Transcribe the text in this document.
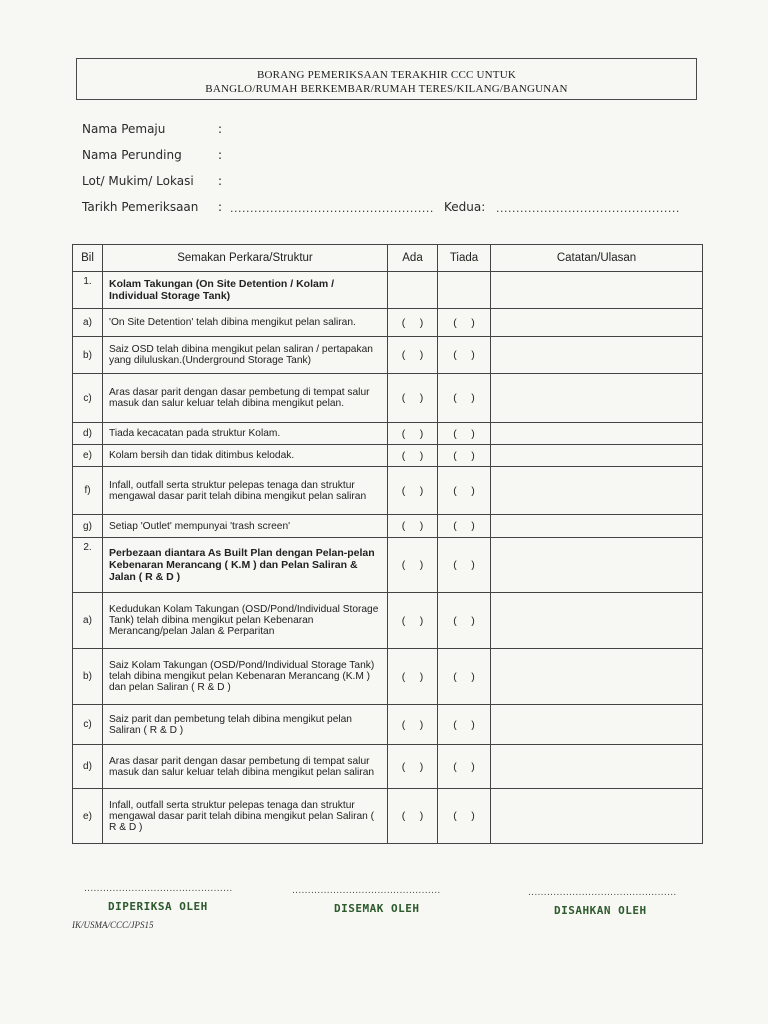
BORANG PEMERIKSAAN TERAKHIR CCC UNTUK
BANGLO/RUMAH BERKEMBAR/RUMAH TERES/KILANG/BANGUNAN
Nama Pemaju	:
Nama Perunding	:
Lot/ Mukim/ Lokasi :
Tarikh Pemeriksaan : ................................................... Kedua: ..............................................
Bil	Semakan Perkara/Struktur	Ada	Tiada	Catatan/Ulasan
1.	Kolam Takungan (On Site Detention / Kolam / Individual Storage Tank)			
a)	'On Site Detention' telah dibina mengikut pelan saliran.	(     )	(     )	
b)	Saiz OSD telah dibina mengikut pelan saliran / pertapakan yang diluluskan.(Underground Storage Tank)	(     )	(     )	
c)	Aras dasar parit dengan dasar pembetung di tempat salur masuk dan salur keluar telah dibina mengikut pelan.	(     )	(     )	
d)	Tiada kecacatan pada struktur Kolam.	(     )	(     )	
e)	Kolam bersih dan tidak ditimbus kelodak.	(     )	(     )	
f)	Infall, outfall serta struktur pelepas tenaga dan struktur mengawal dasar parit telah dibina mengikut pelan saliran	(     )	(     )	
g)	Setiap 'Outlet' mempunyai 'trash screen'	(     )	(     )	
2.	Perbezaan diantara As Built Plan dengan Pelan-pelan Kebenaran Merancang ( K.M ) dan Pelan Saliran & Jalan ( R & D )	(     )	(     )	
a)	Kedudukan Kolam Takungan (OSD/Pond/Individual Storage Tank) telah dibina mengikut pelan Kebenaran Merancang/pelan Jalan & Perparitan	(     )	(     )	
b)	Saiz Kolam Takungan (OSD/Pond/Individual Storage Tank) telah dibina mengikut pelan Kebenaran Merancang (K.M ) dan pelan Saliran ( R & D )	(     )	(     )	
c)	Saiz parit dan pembetung telah dibina mengikut pelan Saliran ( R & D )	(     )	(     )	
d)	Aras dasar parit dengan dasar pembetung di tempat salur masuk dan salur keluar telah dibina mengikut pelan saliran	(     )	(     )	
e)	Infall, outfall serta struktur pelepas tenaga dan struktur mengawal dasar parit telah dibina mengikut pelan Saliran ( R & D )	(     )	(     )	
...............................................
DIPERIKSA OLEH
...............................................
DISEMAK OLEH
...............................................
DISAHKAN OLEH
IK/USMA/CCC/JPS15
